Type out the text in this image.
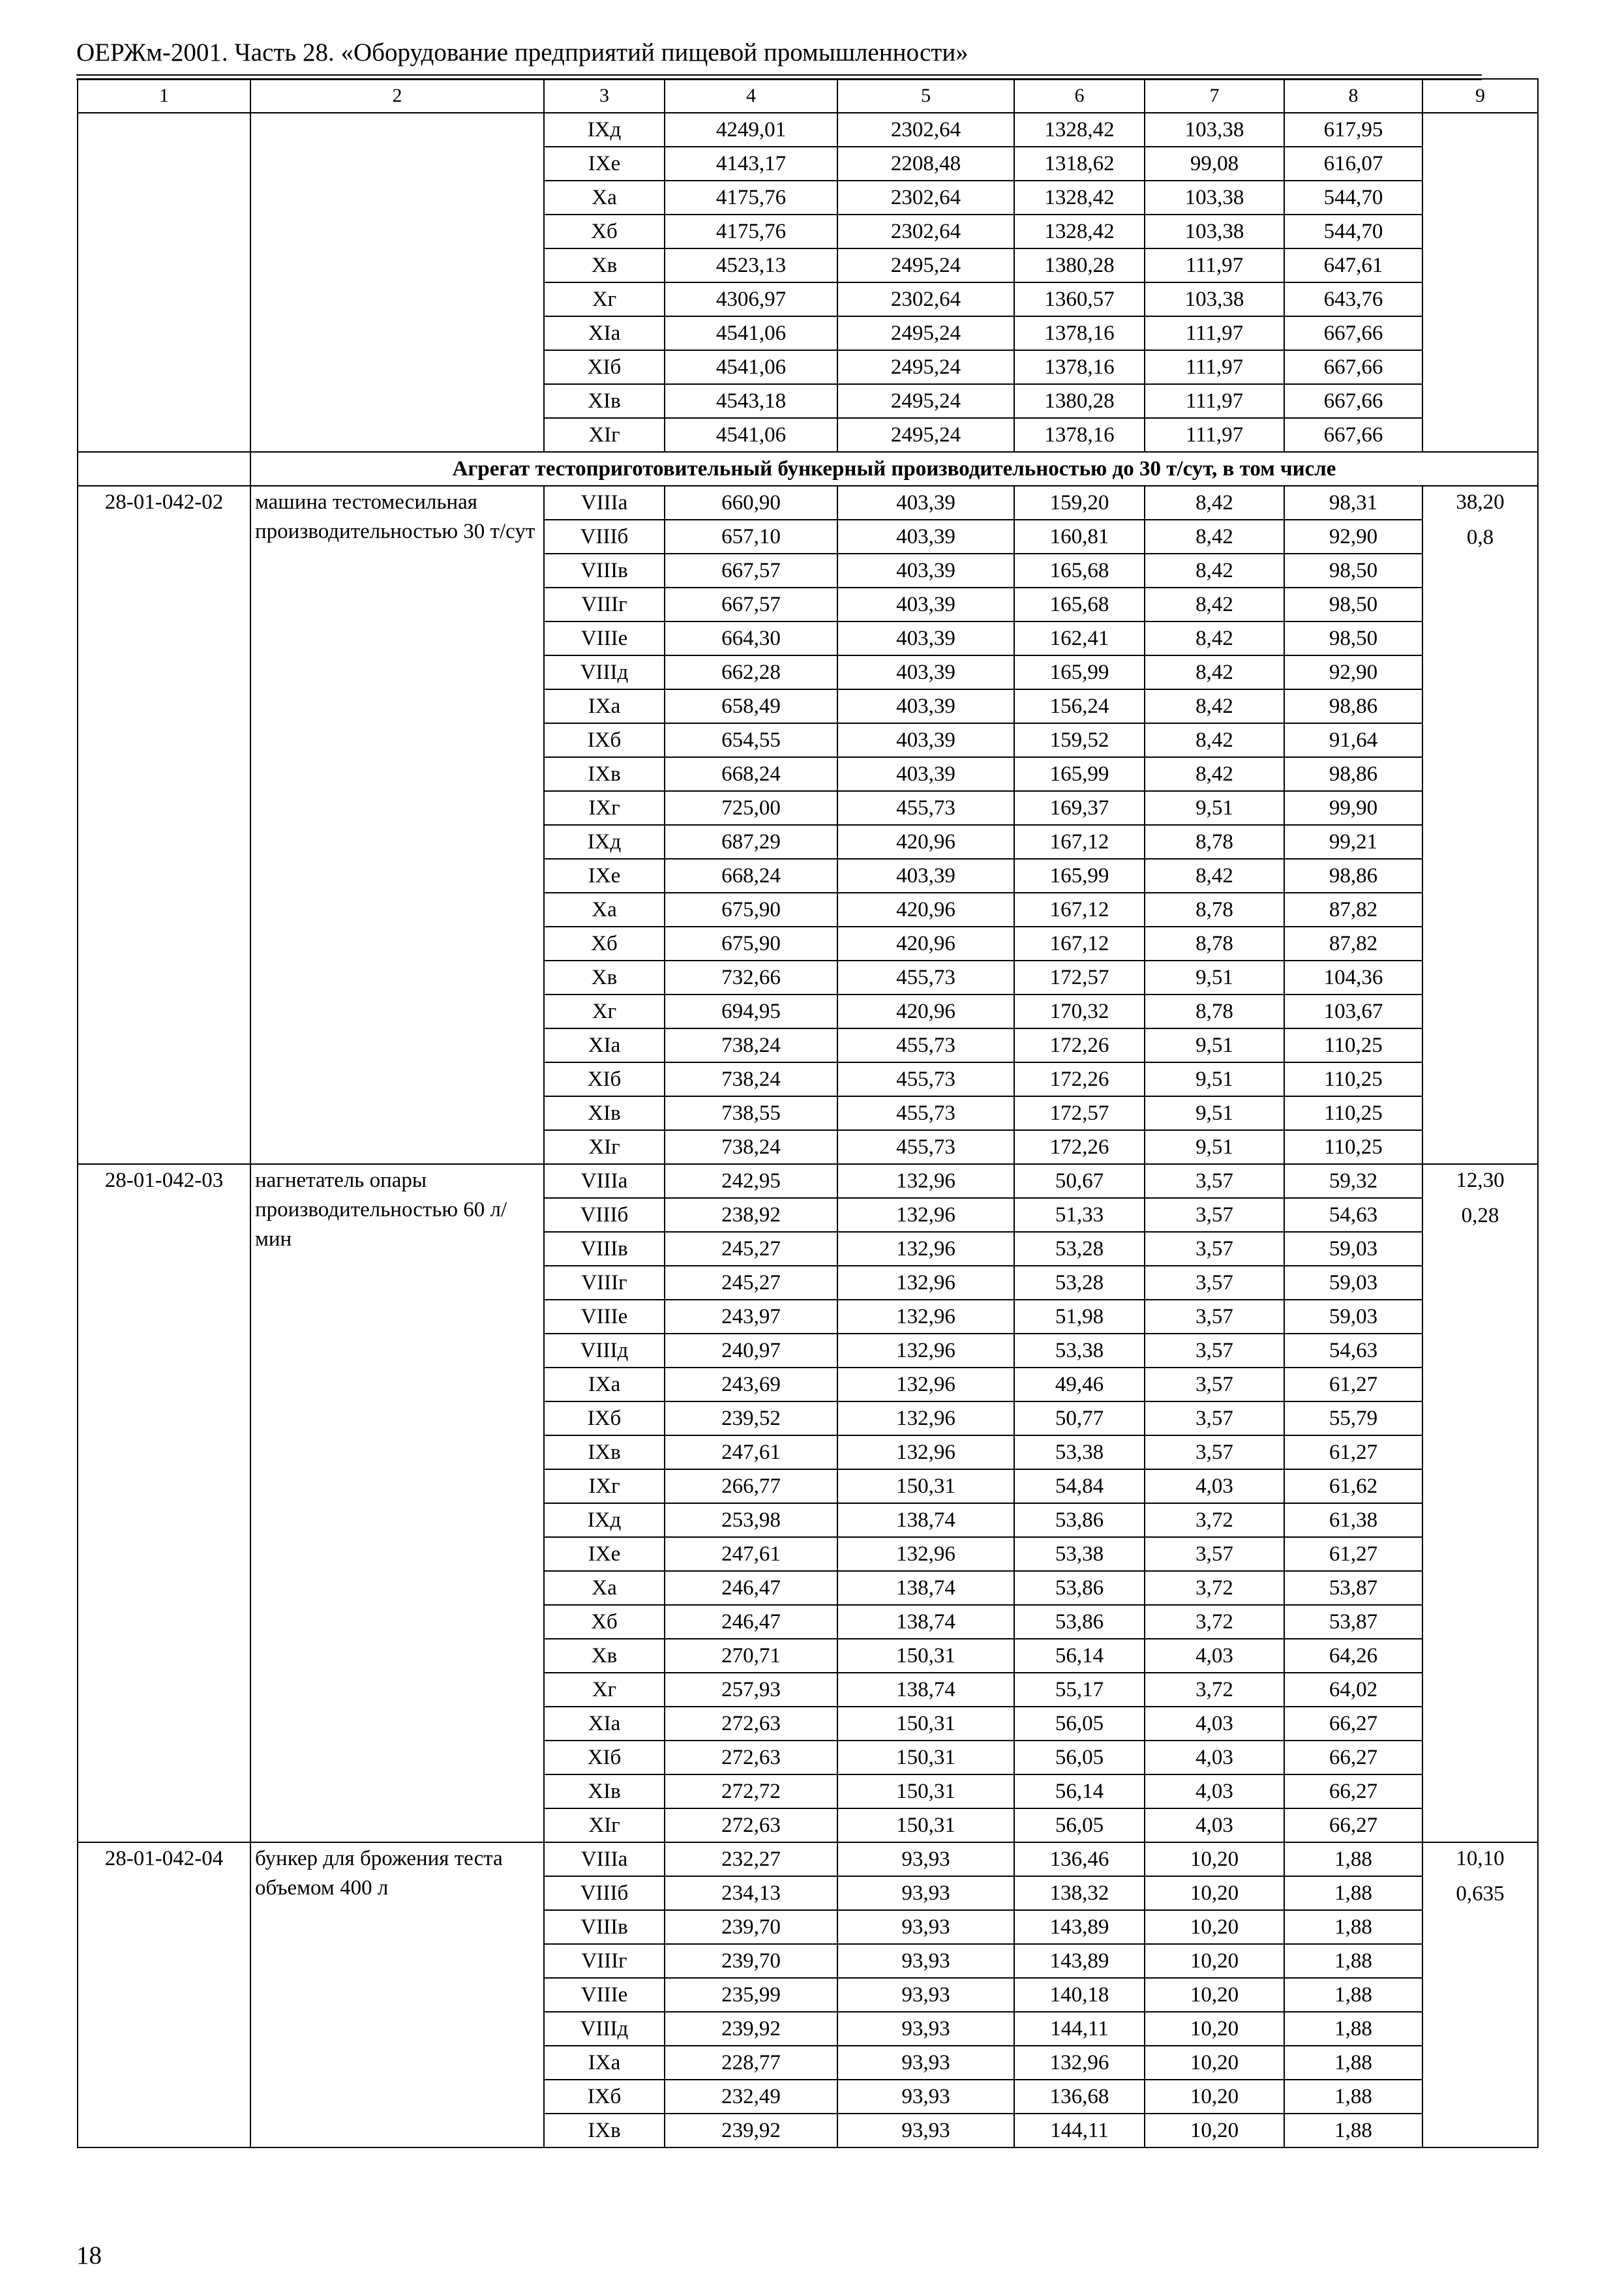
ОЕРЖм-2001. Часть 28. «Оборудование предприятий пищевой промышленности»
1	2	3	4	5	6	7	8	9
		IXд	4249,01	2302,64	1328,42	103,38	617,95	
		IXе	4143,17	2208,48	1318,62	99,08	616,07	
		Xа	4175,76	2302,64	1328,42	103,38	544,70	
		Xб	4175,76	2302,64	1328,42	103,38	544,70	
		Xв	4523,13	2495,24	1380,28	111,97	647,61	
		Xг	4306,97	2302,64	1360,57	103,38	643,76	
		XIа	4541,06	2495,24	1378,16	111,97	667,66	
		XIб	4541,06	2495,24	1378,16	111,97	667,66	
		XIв	4543,18	2495,24	1380,28	111,97	667,66	
		XIг	4541,06	2495,24	1378,16	111,97	667,66	
	Агрегат тестоприготовительный бункерный производительностью до 30 т/сут, в том числе							
28-01-042-02	машина тестомесильная производительностью 30 т/сут	VIIIа	660,90	403,39	159,20	8,42	98,31	38,20
0,8

		VIIIб	657,10	403,39	160,81	8,42	92,90	
		VIIIв	667,57	403,39	165,68	8,42	98,50	
		VIIIг	667,57	403,39	165,68	8,42	98,50	
		VIIIе	664,30	403,39	162,41	8,42	98,50	
		VIIIд	662,28	403,39	165,99	8,42	92,90	
		IXа	658,49	403,39	156,24	8,42	98,86	
		IXб	654,55	403,39	159,52	8,42	91,64	
		IXв	668,24	403,39	165,99	8,42	98,86	
		IXг	725,00	455,73	169,37	9,51	99,90	
		IXд	687,29	420,96	167,12	8,78	99,21	
		IXе	668,24	403,39	165,99	8,42	98,86	
		Xа	675,90	420,96	167,12	8,78	87,82	
		Xб	675,90	420,96	167,12	8,78	87,82	
		Xв	732,66	455,73	172,57	9,51	104,36	
		Xг	694,95	420,96	170,32	8,78	103,67	
		XIа	738,24	455,73	172,26	9,51	110,25	
		XIб	738,24	455,73	172,26	9,51	110,25	
		XIв	738,55	455,73	172,57	9,51	110,25	
		XIг	738,24	455,73	172,26	9,51	110,25	
28-01-042-03	нагнетатель опары производительностью 60 л/мин	VIIIа	242,95	132,96	50,67	3,57	59,32	12,30
0,28

		VIIIб	238,92	132,96	51,33	3,57	54,63	
		VIIIв	245,27	132,96	53,28	3,57	59,03	
		VIIIг	245,27	132,96	53,28	3,57	59,03	
		VIIIе	243,97	132,96	51,98	3,57	59,03	
		VIIIд	240,97	132,96	53,38	3,57	54,63	
		IXа	243,69	132,96	49,46	3,57	61,27	
		IXб	239,52	132,96	50,77	3,57	55,79	
		IXв	247,61	132,96	53,38	3,57	61,27	
		IXг	266,77	150,31	54,84	4,03	61,62	
		IXд	253,98	138,74	53,86	3,72	61,38	
		IXе	247,61	132,96	53,38	3,57	61,27	
		Xа	246,47	138,74	53,86	3,72	53,87	
		Xб	246,47	138,74	53,86	3,72	53,87	
		Xв	270,71	150,31	56,14	4,03	64,26	
		Xг	257,93	138,74	55,17	3,72	64,02	
		XIа	272,63	150,31	56,05	4,03	66,27	
		XIб	272,63	150,31	56,05	4,03	66,27	
		XIв	272,72	150,31	56,14	4,03	66,27	
		XIг	272,63	150,31	56,05	4,03	66,27	
28-01-042-04	бункер для брожения теста объемом 400 л	VIIIа	232,27	93,93	136,46	10,20	1,88	10,10
0,635

		VIIIб	234,13	93,93	138,32	10,20	1,88	
		VIIIв	239,70	93,93	143,89	10,20	1,88	
		VIIIг	239,70	93,93	143,89	10,20	1,88	
		VIIIе	235,99	93,93	140,18	10,20	1,88	
		VIIIд	239,92	93,93	144,11	10,20	1,88	
		IXа	228,77	93,93	132,96	10,20	1,88	
		IXб	232,49	93,93	136,68	10,20	1,88	
		IXв	239,92	93,93	144,11	10,20	1,88	
18
